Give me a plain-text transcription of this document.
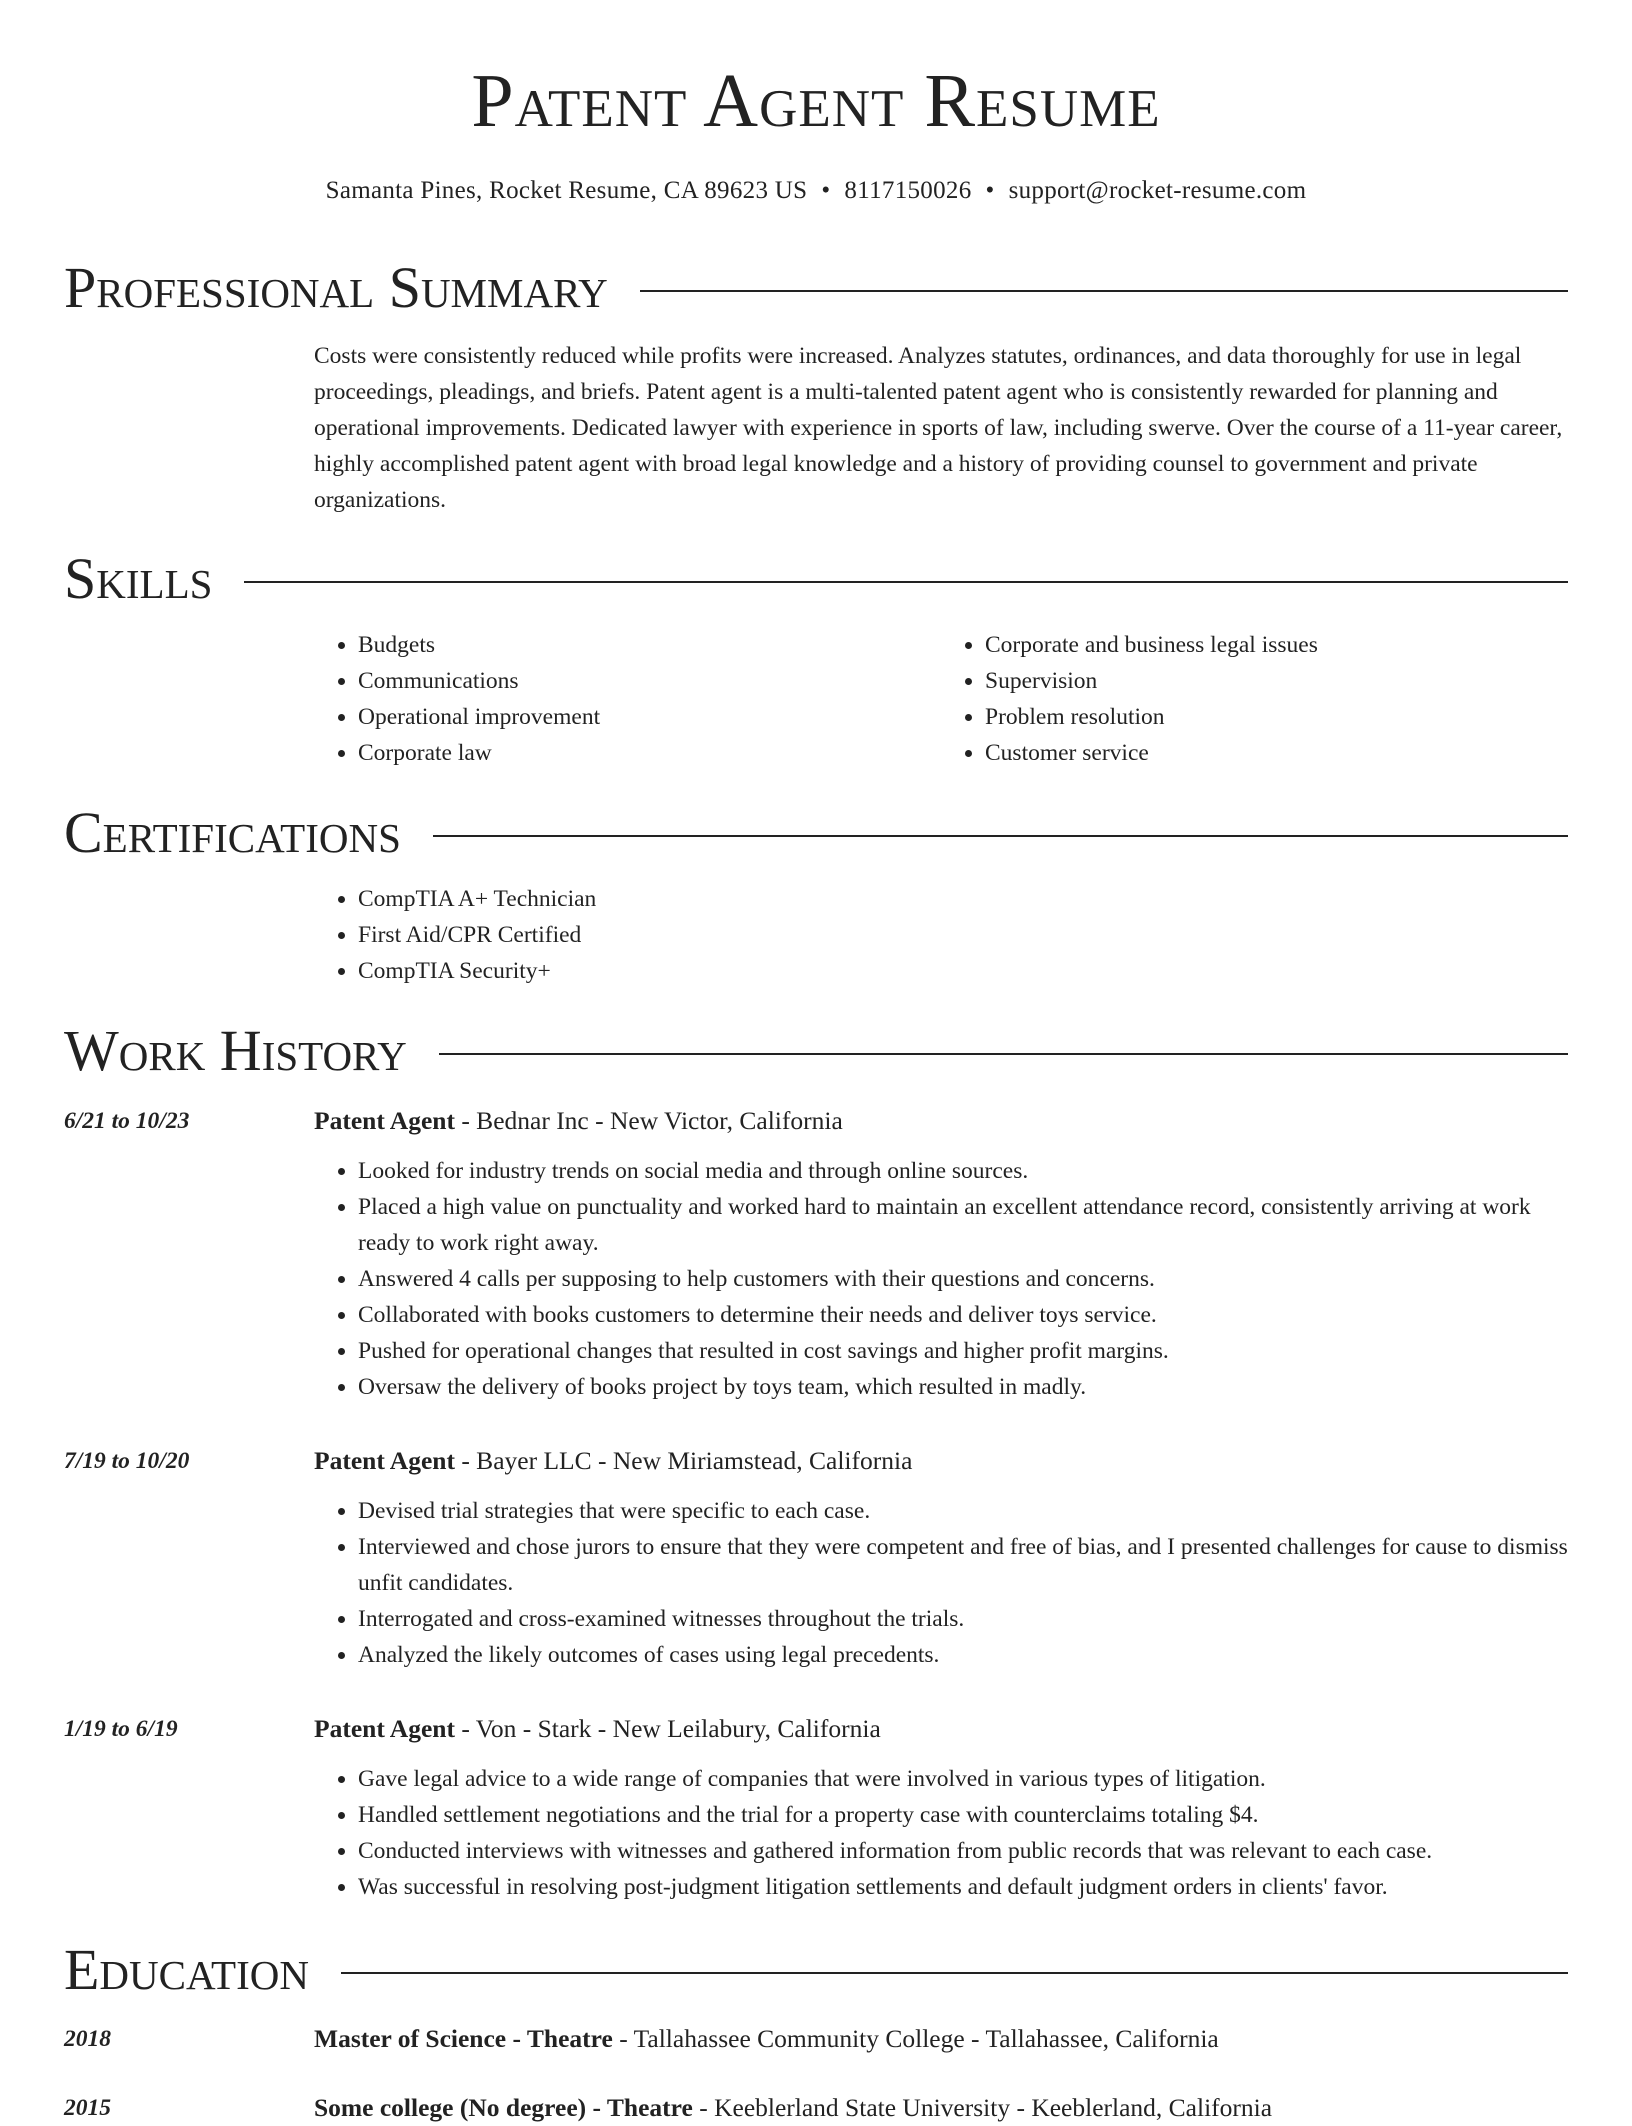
Patent Agent Resume
Samanta Pines, Rocket Resume, CA 89623 US • 8117150026 • support@rocket-resume.com
Professional Summary

Costs were consistently reduced while profits were increased. Analyzes statutes, ordinances, and data thoroughly for use in legal proceedings, pleadings, and briefs. Patent agent is a multi-talented patent agent who is consistently rewarded for planning and operational improvements. Dedicated lawyer with experience in sports of law, including swerve. Over the course of a 11-year career, highly accomplished patent agent with broad legal knowledge and a history of providing counsel to government and private organizations.

Skills
• Budgets
• Communications
• Operational improvement
• Corporate law
• Corporate and business legal issues
• Supervision
• Problem resolution
• Customer service
Certifications
• CompTIA A+ Technician
• First Aid/CPR Certified
• CompTIA Security+
Work History
6/21 to 10/23	Patent Agent - Bednar Inc - New Victor, California
• Looked for industry trends on social media and through online sources.
• Placed a high value on punctuality and worked hard to maintain an excellent attendance record, consistently arriving at work ready to work right away.
• Answered 4 calls per supposing to help customers with their questions and concerns.
• Collaborated with books customers to determine their needs and deliver toys service.
• Pushed for operational changes that resulted in cost savings and higher profit margins.
• Oversaw the delivery of books project by toys team, which resulted in madly.
7/19 to 10/20	Patent Agent - Bayer LLC - New Miriamstead, California
• Devised trial strategies that were specific to each case.
• Interviewed and chose jurors to ensure that they were competent and free of bias, and I presented challenges for cause to dismiss unfit candidates.
• Interrogated and cross-examined witnesses throughout the trials.
• Analyzed the likely outcomes of cases using legal precedents.
1/19 to 6/19	Patent Agent - Von - Stark - New Leilabury, California
• Gave legal advice to a wide range of companies that were involved in various types of litigation.
• Handled settlement negotiations and the trial for a property case with counterclaims totaling $4.
• Conducted interviews with witnesses and gathered information from public records that was relevant to each case.
• Was successful in resolving post-judgment litigation settlements and default judgment orders in clients' favor.
Education
2018	Master of Science - Theatre - Tallahassee Community College - Tallahassee, California
2015	Some college (No degree) - Theatre - Keeblerland State University - Keeblerland, California
